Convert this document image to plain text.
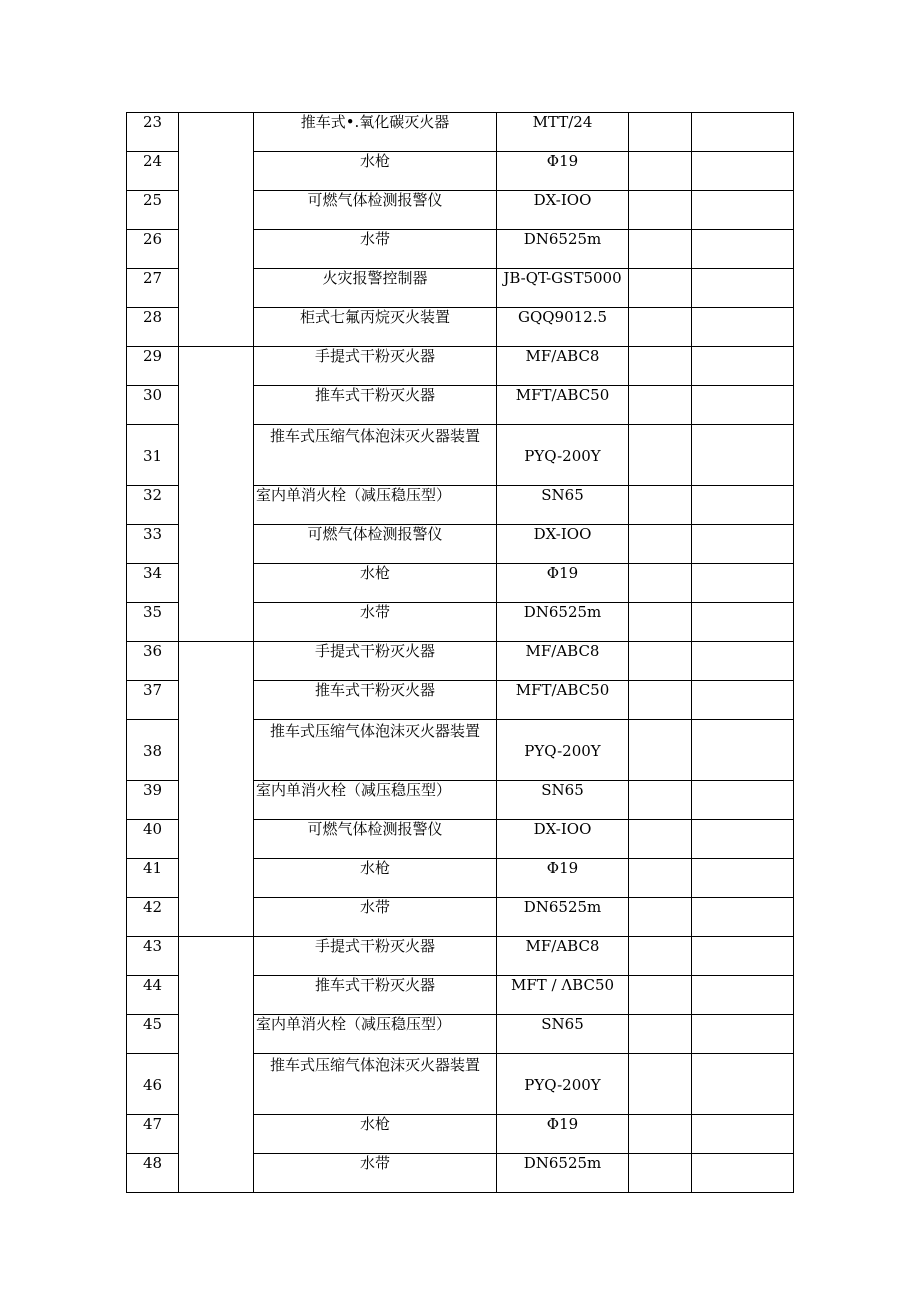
23		推车式•.氧化碳灭火器	MTT/24		
24		水枪	Φ19		
25		可燃气体检测报警仪	DX-IOO		
26		水带	DN6525m		
27		火灾报警控制器	JB-QT-GST5000		
28		柜式七氟丙烷灭火装置	GQQ9012.5		
29		手提式干粉灭火器	MF/ABC8		
30		推车式干粉灭火器	MFT/ABC50		
31		推车式压缩气体泡沫灭火器装置	PYQ-200Y		
32		室内单消火栓（减压稳压型）	SN65		
33		可燃气体检测报警仪	DX-IOO		
34		水枪	Φ19		
35		水带	DN6525m		
36		手提式干粉灭火器	MF/ABC8		
37		推车式干粉灭火器	MFT/ABC50		
38		推车式压缩气体泡沫灭火器装置	PYQ-200Y		
39		室内单消火栓（减压稳压型）	SN65		
40		可燃气体检测报警仪	DX-IOO		
41		水枪	Φ19		
42		水带	DN6525m		
43		手提式干粉灭火器	MF/ABC8		
44		推车式干粉灭火器	MFT / ΛBC50		
45		室内单消火栓（减压稳压型）	SN65		
46		推车式压缩气体泡沫灭火器装置	PYQ-200Y		
47		水枪	Φ19		
48		水带	DN6525m		
